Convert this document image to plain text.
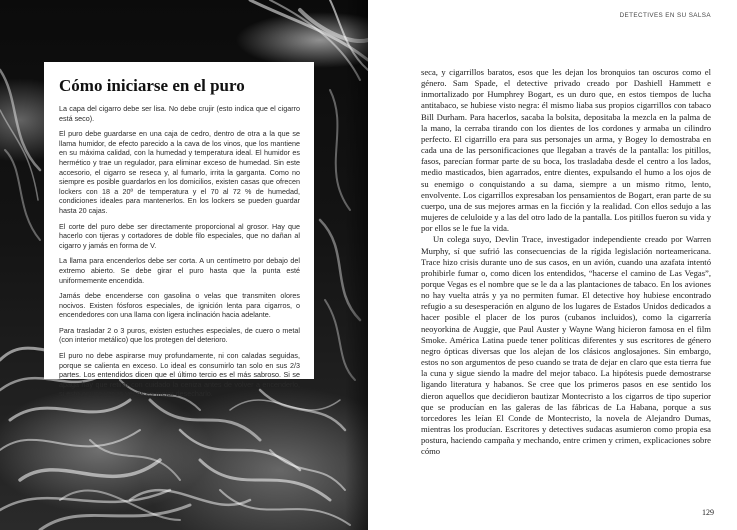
Cómo iniciarse en el puro

La capa del cigarro debe ser lisa. No debe crujir (esto indica que el cigarro está seco).

El puro debe guardarse en una caja de cedro, dentro de otra a la que se llama humidor, de efecto parecido a la cava de los vinos, que los mantiene en su máxima calidad, con la humedad y temperatura ideal. El humidor es hermético y trae un regulador, para eliminar exceso de humedad. Sin este accesorio, el cigarro se reseca y, al fumarlo, irrita la garganta. Como no siempre es posible guardarlos en los domicilios, existen casas que ofrecen lockers con 18 a 20º de temperatura y el 70 al 72 % de humedad, condiciones ideales para mantenerlos. En los lockers se pueden guardar hasta 20 cajas.

El corte del puro debe ser directamente proporcional al grosor. Hay que hacerlo con tijeras y cortadores de doble filo especiales, que no dañan al cigarro y jamás en forma de V.

La llama para encenderlos debe ser corta. A un centímetro por debajo del extremo abierto. Se debe girar el puro hasta que la punta esté uniformemente encendida.

Jamás debe encenderse con gasolina o velas que transmiten olores nocivos. Existen fósforos especiales, de ignición lenta para cigarros, o encendedores con una llama con ligera inclinación hacia adelante.

Para trasladar 2 o 3 puros, existen estuches especiales, de cuero o metal (con interior metálico) que los protegen del deterioro.

El puro no debe aspirarse muy profundamente, ni con caladas seguidas, porque se calienta en exceso. Lo ideal es consumirlo tan solo en sus 2/3 partes. Los entendidos dicen que el último tercio es el más sabroso. Si se apaga hay que retirar con cuidado la ceniza antes de volver a encenderlo, si esto ocurre varias veces es mejor desecharlo.

DETECTIVES EN SU SALSA

seca, y cigarrillos baratos, esos que les dejan los bronquios tan oscuros como el género. Sam Spade, el detective privado creado por Dashiell Hammett e inmortalizado por Humphrey Bogart, es un duro que, en estos tiempos de lucha antitabaco, se hubiese visto negra: él mismo liaba sus propios cigarrillos con tabaco Bill Durham. Para hacerlos, sacaba la bolsita, depositaba la mezcla en la palma de la mano, la cerraba tirando con los dientes de los cordones y armaba un cilindro perfecto. El cigarrillo era para sus personajes un arma, y Bogey lo demostraba en cada una de las personificaciones que llegaban a través de la pantalla: los pitillos, fasos, parecían formar parte de su boca, los trasladaba desde el centro a los lados, medio masticados, bien agarrados, entre dientes, expulsando el humo a los ojos de su enemigo o conquistando a su dama, siempre a un mismo ritmo, lento, envolvente. Los cigarrillos expresaban los pensamientos de Bogart, eran parte de su cuerpo, una de sus mejores armas en la ficción y la realidad. Con ellos sedujo a las mujeres de celuloide y a las del otro lado de la pantalla. Los pitillos fueron su vida y por ellos se le fue la vida.

Un colega suyo, Devlin Trace, investigador independiente creado por Warren Murphy, sí que sufrió las consecuencias de la rígida legislación norteamericana. Trace hizo crisis durante uno de sus casos, en un avión, cuando una azafata intentó prohibirle fumar o, como dicen los entendidos, “hacerse el camino de Las Vegas”, porque Vegas es el nombre que se le da a las plantaciones de tabaco. En los aviones no hay vuelta atrás y ya no permiten fumar. El detective hoy hubiese encontrado refugio a su desesperación en alguno de los lugares de Estados Unidos dedicados a hacer posible el placer de los puros (cubanos incluidos), como la cigarrería neoyorkina de Auggie, que Paul Auster y Wayne Wang hicieron famosa en el film Smoke. América Latina puede tener políticas diferentes y sus escritores de género negro ópticas diversas que los alejan de los clásicos anglosajones. Sin embargo, estos no son argumentos de peso cuando se trata de dejar en claro que esta tierra fue la cuna y sigue siendo la madre del mejor tabaco. La hipótesis puede demostrarse ligando literatura y habanos. Se cree que los primeros pasos en ese sentido los dieron aquellos que decidieron bautizar Montecristo a los cigarros de tipo superior que se producían en las galeras de las fábricas de La Habana, porque a sus torcedores les leían El Conde de Montecristo, la novela de Alejandro Dumas, mientras los producían. Escritores y detectives sudacas asumieron como propia esa postura, haciendo campaña y mechando, entre crimen y crimen, explicaciones sobre cómo

129
